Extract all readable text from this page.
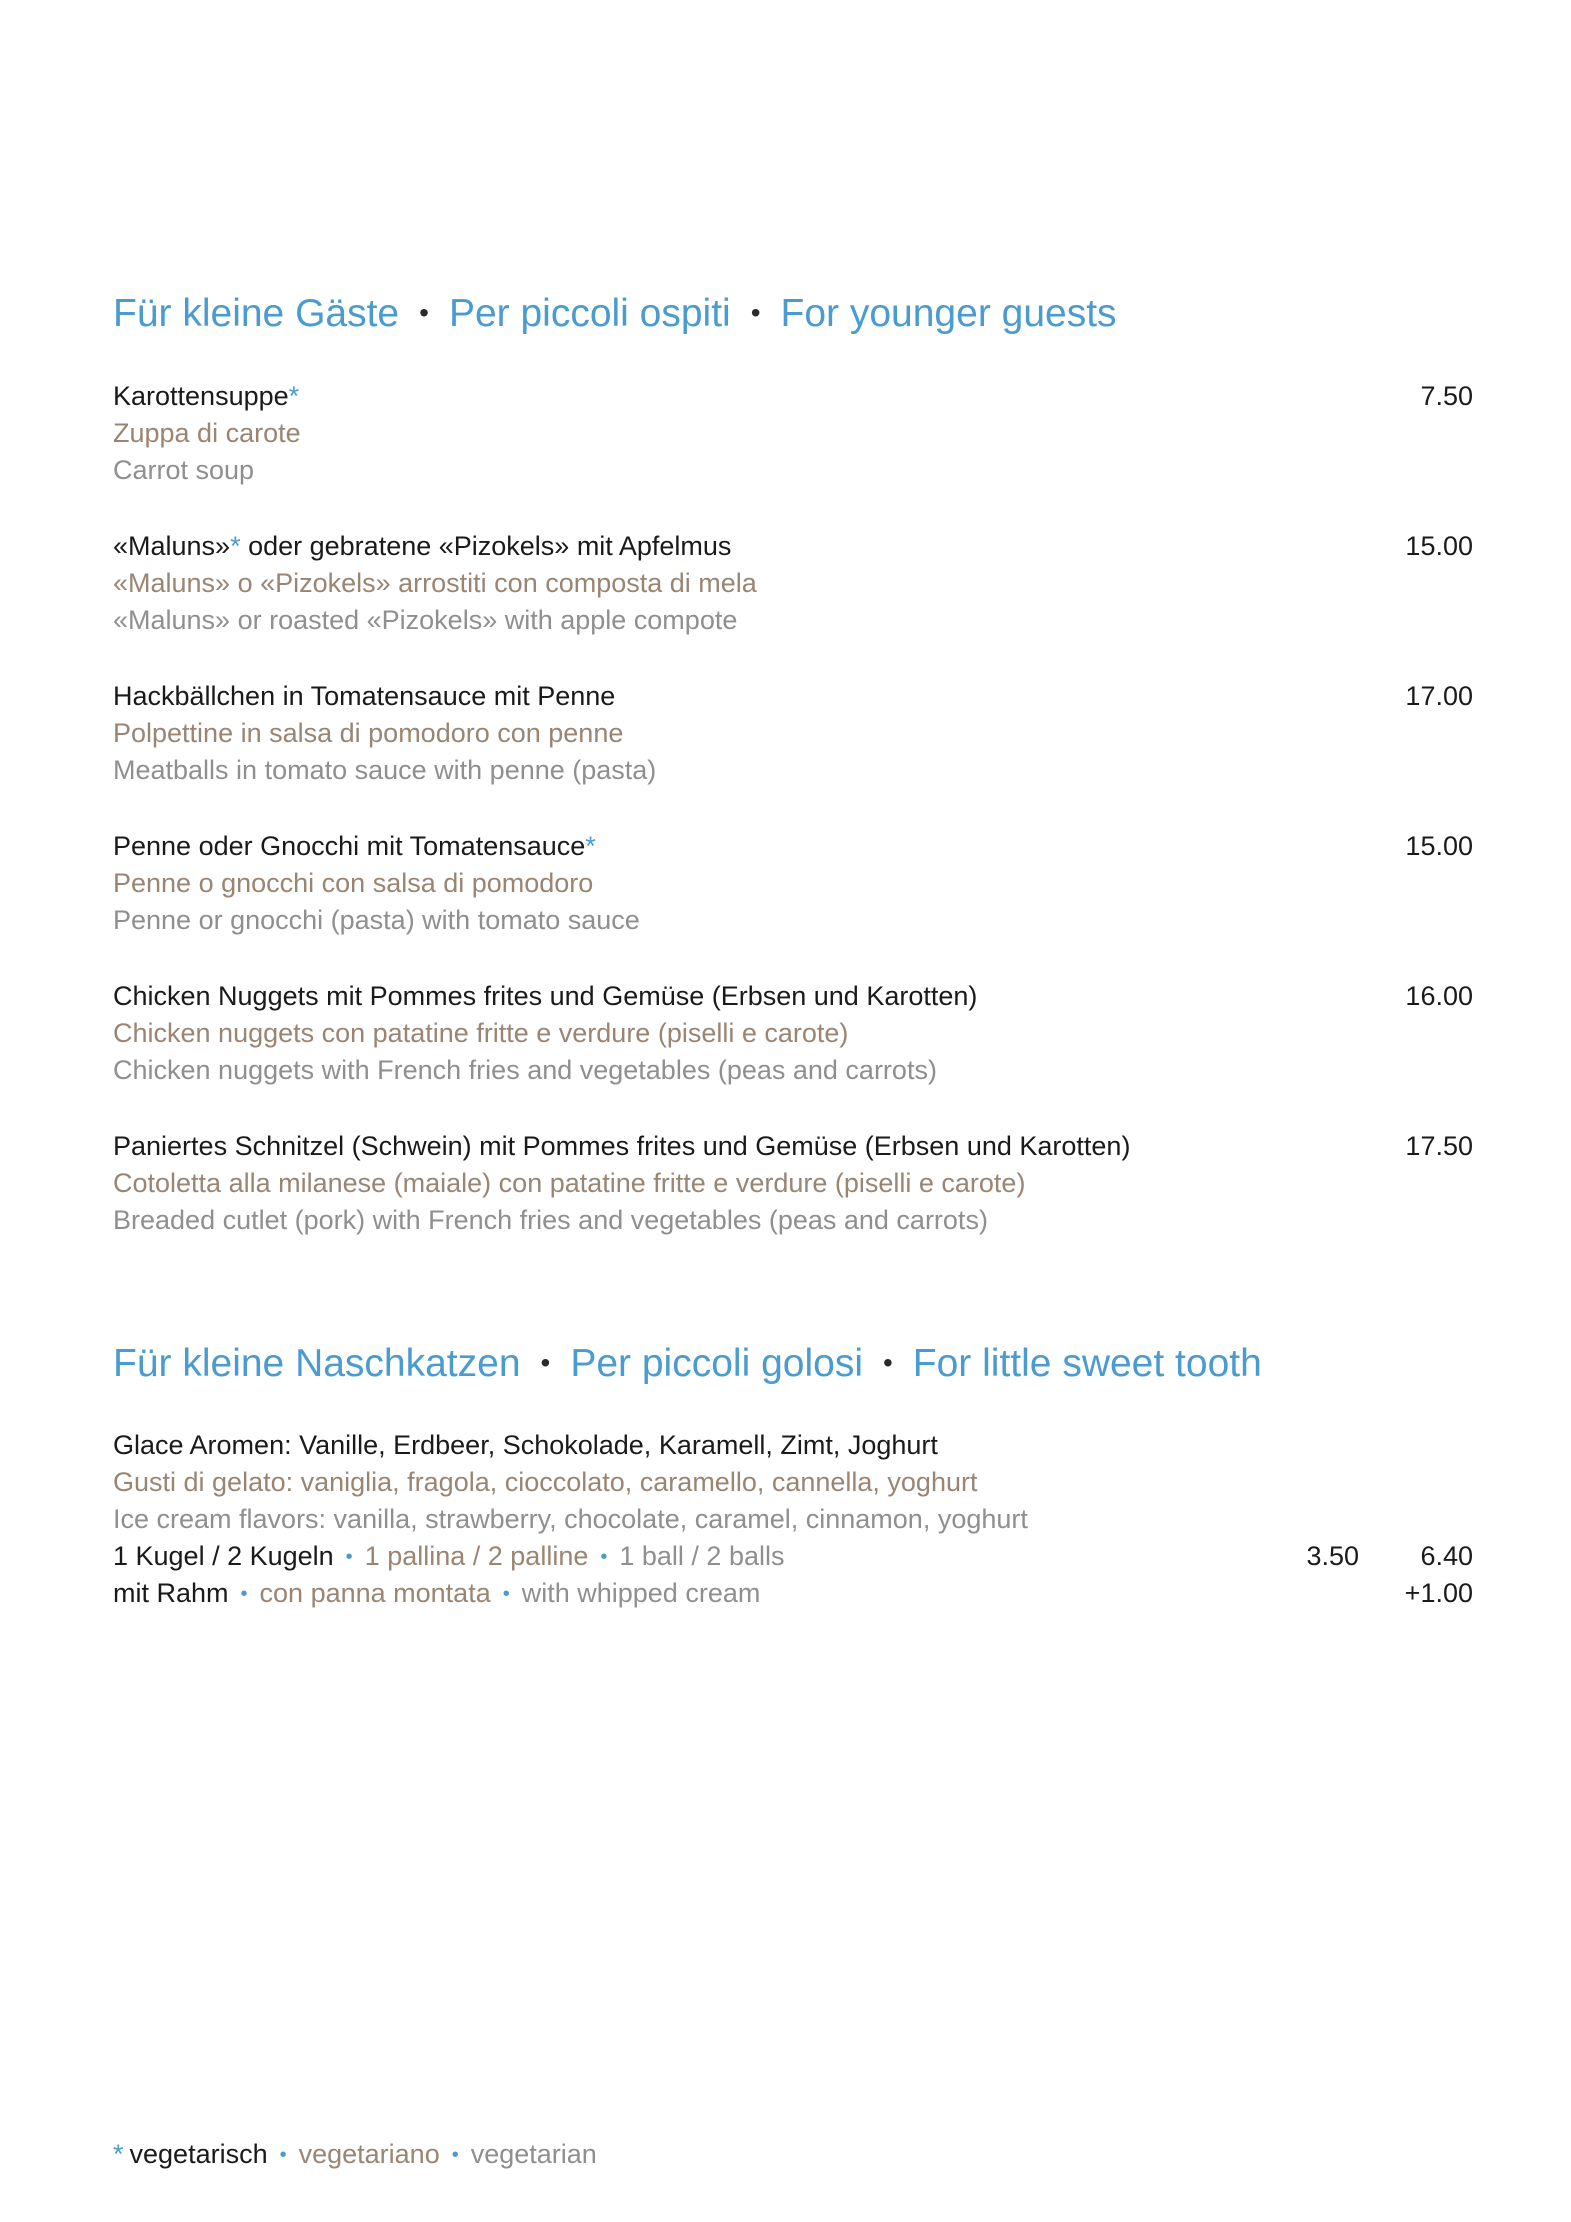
Für kleine Gäste • Per piccoli ospiti • For younger guests
Karottensuppe*
Zuppa di carote
Carrot soup
7.50
«Maluns»* oder gebratene «Pizokels» mit Apfelmus
«Maluns» o «Pizokels» arrostiti con composta di mela
«Maluns» or roasted «Pizokels» with apple compote
15.00
Hackbällchen in Tomatensauce mit Penne
Polpettine in salsa di pomodoro con penne
Meatballs in tomato sauce with penne (pasta)
17.00
Penne oder Gnocchi mit Tomatensauce*
Penne o gnocchi con salsa di pomodoro
Penne or gnocchi (pasta) with tomato sauce
15.00
Chicken Nuggets mit Pommes frites und Gemüse (Erbsen und Karotten)
Chicken nuggets con patatine fritte e verdure (piselli e carote)
Chicken nuggets with French fries and vegetables (peas and carrots)
16.00
Paniertes Schnitzel (Schwein) mit Pommes frites und Gemüse (Erbsen und Karotten)
Cotoletta alla milanese (maiale) con patatine fritte e verdure (piselli e carote)
Breaded cutlet (pork) with French fries and vegetables (peas and carrots)
17.50
Für kleine Naschkatzen • Per piccoli golosi • For little sweet tooth
Glace Aromen: Vanille, Erdbeer, Schokolade, Karamell, Zimt, Joghurt
Gusti di gelato: vaniglia, fragola, cioccolato, caramello, cannella, yoghurt
Ice cream flavors: vanilla, strawberry, chocolate, caramel, cinnamon, yoghurt
1 Kugel / 2 Kugeln • 1 pallina / 2 palline • 1 ball / 2 balls	3.50 6.40
mit Rahm • con panna montata • with whipped cream	+1.00
* vegetarisch • vegetariano • vegetarian
